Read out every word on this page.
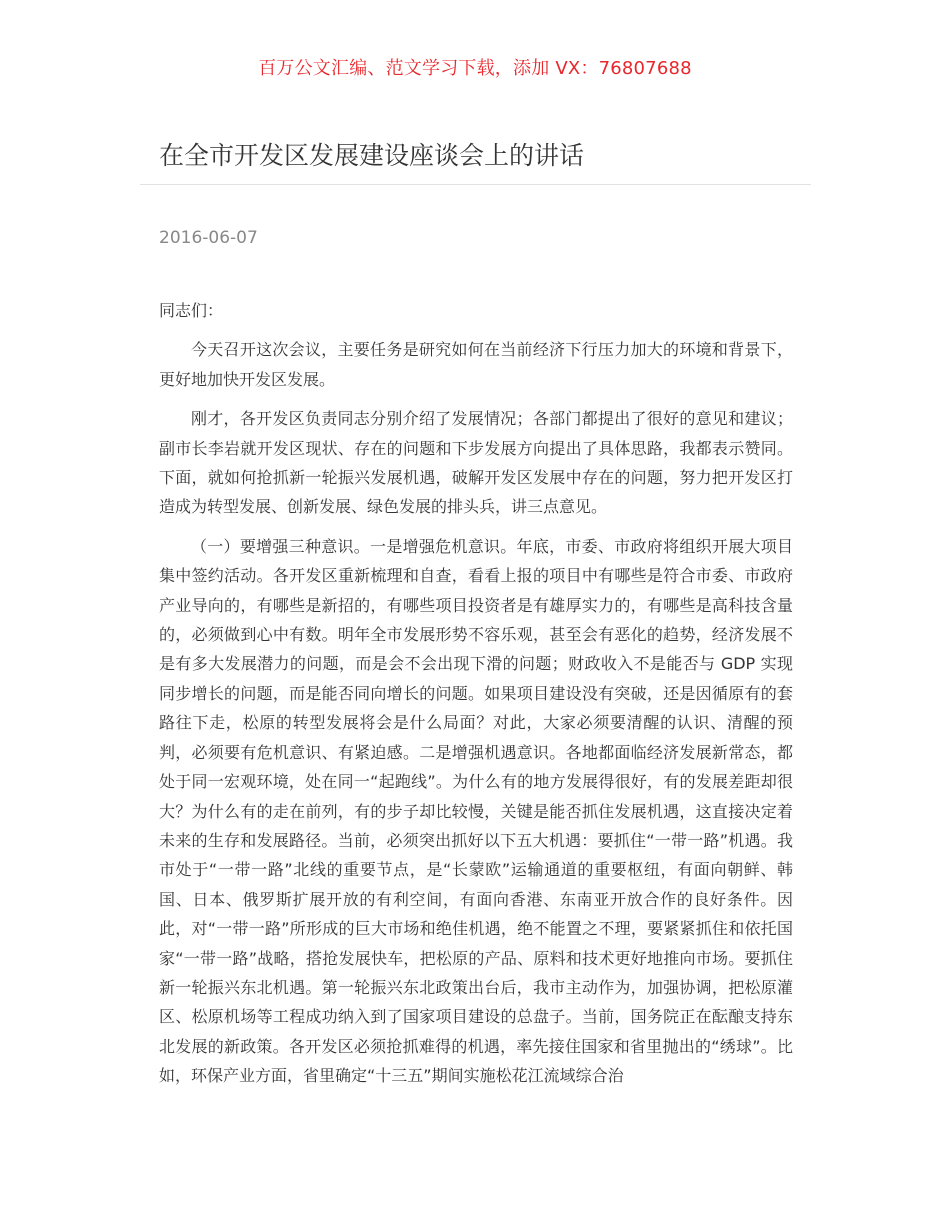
百万公文汇编、范文学习下载，添加 VX：76807688
在全市开发区发展建设座谈会上的讲话
2016-06-07

同志们：

今天召开这次会议，主要任务是研究如何在当前经济下行压力加大的环境和背景下，更好地加快开发区发展。

刚才，各开发区负责同志分别介绍了发展情况；各部门都提出了很好的意见和建议；副市长李岩就开发区现状、存在的问题和下步发展方向提出了具体思路，我都表示赞同。下面，就如何抢抓新一轮振兴发展机遇，破解开发区发展中存在的问题，努力把开发区打造成为转型发展、创新发展、绿色发展的排头兵，讲三点意见。

（一）要增强三种意识。一是增强危机意识。年底，市委、市政府将组织开展大项目集中签约活动。各开发区重新梳理和自查，看看上报的项目中有哪些是符合市委、市政府产业导向的，有哪些是新招的，有哪些项目投资者是有雄厚实力的，有哪些是高科技含量的，必须做到心中有数。明年全市发展形势不容乐观，甚至会有恶化的趋势，经济发展不是有多大发展潜力的问题，而是会不会出现下滑的问题；财政收入不是能否与 GDP 实现同步增长的问题，而是能否同向增长的问题。如果项目建设没有突破，还是因循原有的套路往下走，松原的转型发展将会是什么局面？对此，大家必须要清醒的认识、清醒的预判，必须要有危机意识、有紧迫感。二是增强机遇意识。各地都面临经济发展新常态，都处于同一宏观环境，处在同一“起跑线”。为什么有的地方发展得很好，有的发展差距却很大？为什么有的走在前列，有的步子却比较慢，关键是能否抓住发展机遇，这直接决定着未来的生存和发展路径。当前，必须突出抓好以下五大机遇：要抓住“一带一路”机遇。我市处于“一带一路”北线的重要节点，是“长蒙欧”运输通道的重要枢纽，有面向朝鲜、韩国、日本、俄罗斯扩展开放的有利空间，有面向香港、东南亚开放合作的良好条件。因此，对“一带一路”所形成的巨大市场和绝佳机遇，绝不能置之不理，要紧紧抓住和依托国家“一带一路”战略，搭抢发展快车，把松原的产品、原料和技术更好地推向市场。要抓住新一轮振兴东北机遇。第一轮振兴东北政策出台后，我市主动作为，加强协调，把松原灌区、松原机场等工程成功纳入到了国家项目建设的总盘子。当前，国务院正在酝酿支持东北发展的新政策。各开发区必须抢抓难得的机遇，率先接住国家和省里抛出的“绣球”。比如，环保产业方面，省里确定“十三五”期间实施松花江流域综合治
